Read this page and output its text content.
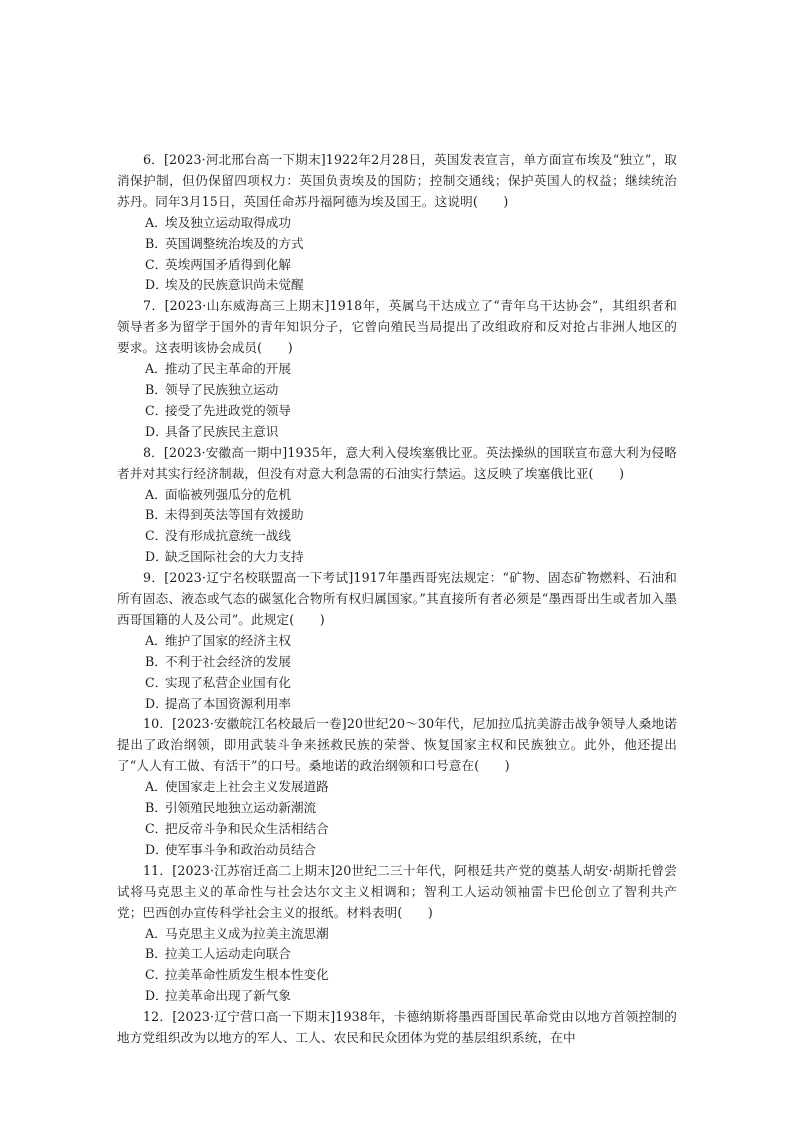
6．[2023·河北邢台高一下期末]1922年2月28日，英国发表宣言，单方面宣布埃及“独立”，取消保护制，但仍保留四项权力：英国负责埃及的国防；控制交通线；保护英国人的权益；继续统治苏丹。同年3月15日，英国任命苏丹福阿德为埃及国王。这说明(　　)

A．埃及独立运动取得成功
B．英国调整统治埃及的方式
C．英埃两国矛盾得到化解
D．埃及的民族意识尚未觉醒

7．[2023·山东威海高三上期末]1918年，英属乌干达成立了“青年乌干达协会”，其组织者和领导者多为留学于国外的青年知识分子，它曾向殖民当局提出了改组政府和反对抢占非洲人地区的要求。这表明该协会成员(　　)

A．推动了民主革命的开展
B．领导了民族独立运动
C．接受了先进政党的领导
D．具备了民族民主意识

8．[2023·安徽高一期中]1935年，意大利入侵埃塞俄比亚。英法操纵的国联宣布意大利为侵略者并对其实行经济制裁，但没有对意大利急需的石油实行禁运。这反映了埃塞俄比亚(　　)

A．面临被列强瓜分的危机
B．未得到英法等国有效援助
C．没有形成抗意统一战线
D．缺乏国际社会的大力支持

9．[2023·辽宁名校联盟高一下考试]1917年墨西哥宪法规定：“矿物、固态矿物燃料、石油和所有固态、液态或气态的碳氢化合物所有权归属国家。”其直接所有者必须是“墨西哥出生或者加入墨西哥国籍的人及公司”。此规定(　　)

A．维护了国家的经济主权
B．不利于社会经济的发展
C．实现了私营企业国有化
D．提高了本国资源利用率

10．[2023·安徽皖江名校最后一卷]20世纪20～30年代，尼加拉瓜抗美游击战争领导人桑地诺提出了政治纲领，即用武装斗争来拯救民族的荣誉、恢复国家主权和民族独立。此外，他还提出了“人人有工做、有活干”的口号。桑地诺的政治纲领和口号意在(　　)

A．使国家走上社会主义发展道路
B．引领殖民地独立运动新潮流
C．把反帝斗争和民众生活相结合
D．使军事斗争和政治动员结合

11．[2023·江苏宿迁高二上期末]20世纪二三十年代，阿根廷共产党的奠基人胡安·胡斯托曾尝试将马克思主义的革命性与社会达尔文主义相调和；智利工人运动领袖雷卡巴伦创立了智利共产党；巴西创办宣传科学社会主义的报纸。材料表明(　　)

A．马克思主义成为拉美主流思潮
B．拉美工人运动走向联合
C．拉美革命性质发生根本性变化
D．拉美革命出现了新气象

12．[2023·辽宁营口高一下期末]1938年，卡德纳斯将墨西哥国民革命党由以地方首领控制的地方党组织改为以地方的军人、工人、农民和民众团体为党的基层组织系统，在中
